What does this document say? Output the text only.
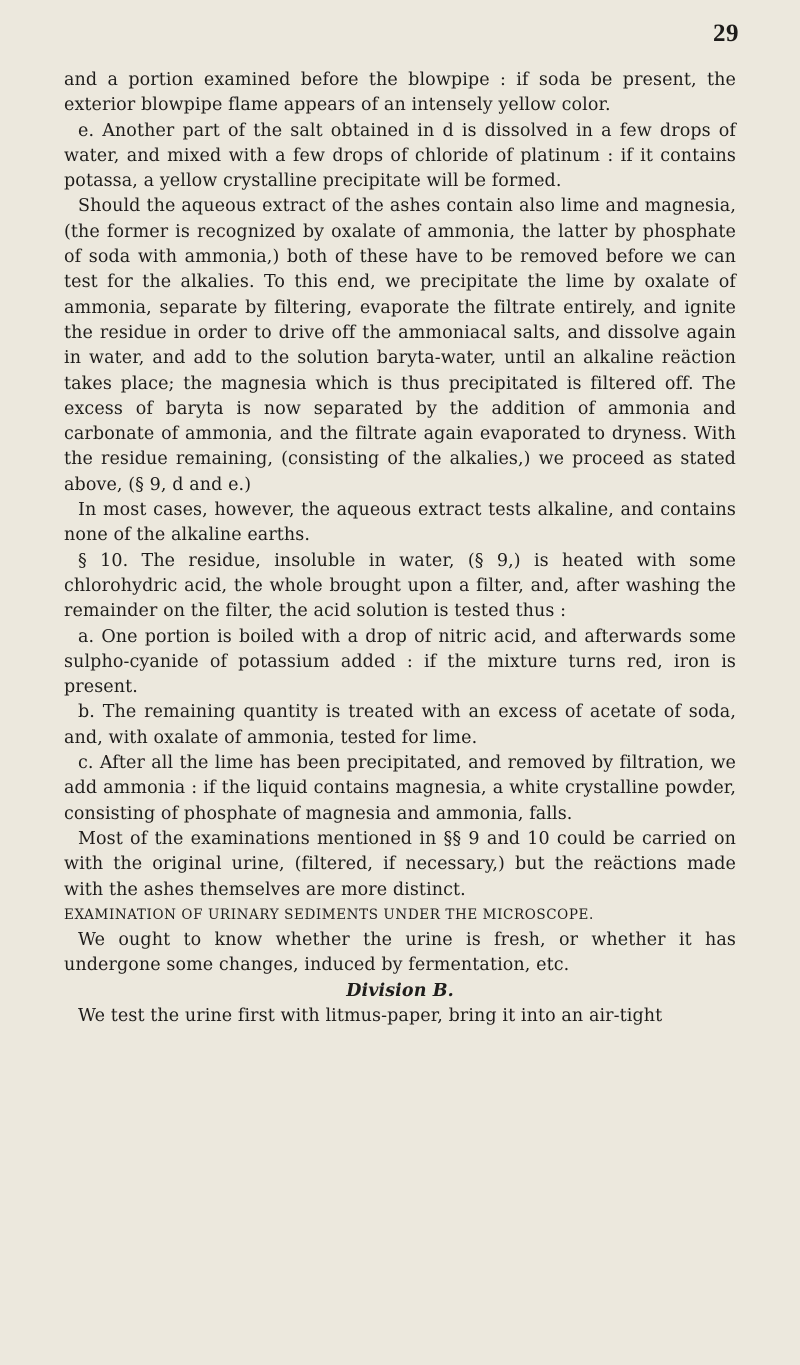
29

and a portion examined before the blowpipe : if soda be present, the exterior blowpipe flame appears of an intensely yellow color.

e. Another part of the salt obtained in d is dissolved in a few drops of water, and mixed with a few drops of chloride of platinum : if it contains potassa, a yellow crystalline precipitate will be formed.

Should the aqueous extract of the ashes contain also lime and magnesia, (the former is recognized by oxalate of ammonia, the latter by phosphate of soda with ammonia,) both of these have to be removed before we can test for the alkalies. To this end, we precipitate the lime by oxalate of ammonia, separate by filtering, evaporate the filtrate entirely, and ignite the residue in order to drive off the ammoniacal salts, and dissolve again in water, and add to the solution baryta-water, until an alkaline reäction takes place; the magnesia which is thus precipitated is filtered off. The excess of baryta is now separated by the addition of ammonia and carbonate of ammonia, and the filtrate again evaporated to dryness. With the residue remaining, (consisting of the alkalies,) we proceed as stated above, (§ 9, d and e.)

In most cases, however, the aqueous extract tests alkaline, and contains none of the alkaline earths.

§ 10. The residue, insoluble in water, (§ 9,) is heated with some chlorohydric acid, the whole brought upon a filter, and, after washing the remainder on the filter, the acid solution is tested thus :

a. One portion is boiled with a drop of nitric acid, and afterwards some sulpho-cyanide of potassium added : if the mixture turns red, iron is present.

b. The remaining quantity is treated with an excess of acetate of soda, and, with oxalate of ammonia, tested for lime.

c. After all the lime has been precipitated, and removed by filtration, we add ammonia : if the liquid contains magnesia, a white crystalline powder, consisting of phosphate of magnesia and ammonia, falls.

Most of the examinations mentioned in §§ 9 and 10 could be carried on with the original urine, (filtered, if necessary,) but the reäctions made with the ashes themselves are more distinct.

EXAMINATION OF URINARY SEDIMENTS UNDER THE MICROSCOPE.

We ought to know whether the urine is fresh, or whether it has undergone some changes, induced by fermentation, etc.

Division B.

We test the urine first with litmus-paper, bring it into an air-tight
